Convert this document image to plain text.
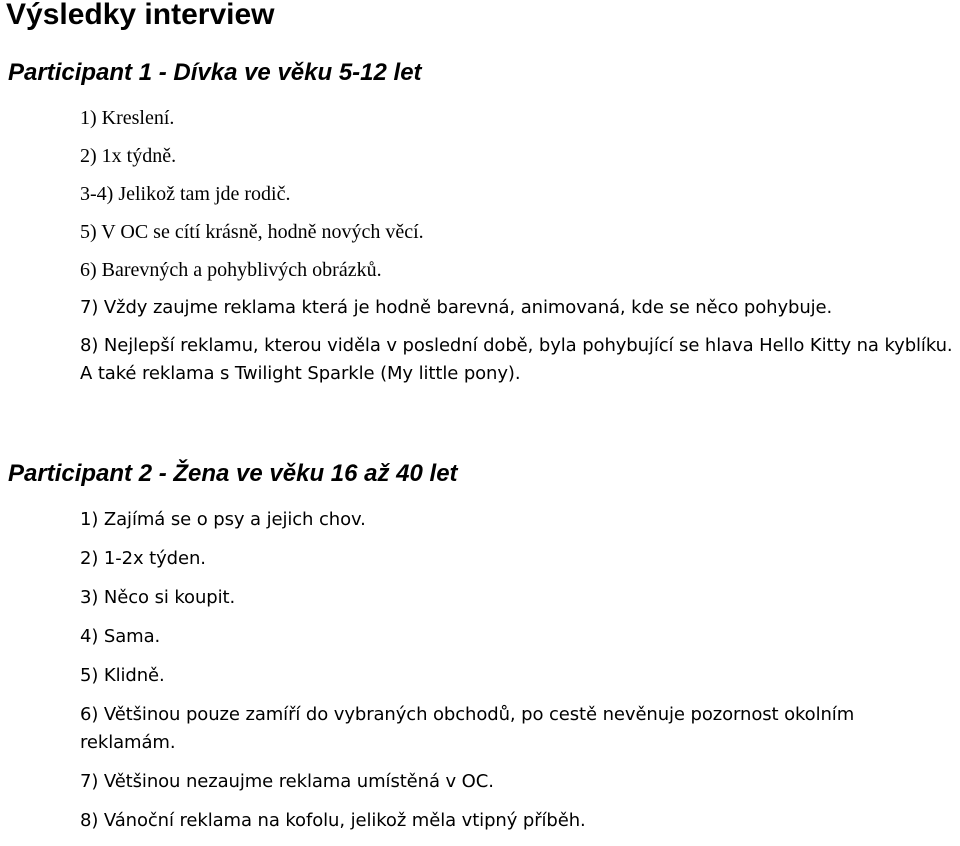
Výsledky interview
Participant 1 - Dívka ve věku 5-12 let
1) Kreslení.
2) 1x týdně.
3-4) Jelikož tam jde rodič.
5) V OC se cítí krásně, hodně nových věcí.
6) Barevných a pohyblivých obrázků.
7) Vždy zaujme reklama která je hodně barevná, animovaná, kde se něco pohybuje.
8) Nejlepší reklamu, kterou viděla v poslední době, byla pohybující se hlava Hello Kitty na kyblíku. A také reklama s Twilight Sparkle (My little pony).
Participant 2 - Žena ve věku 16 až 40 let
1) Zajímá se o psy a jejich chov.
2) 1-2x týden.
3) Něco si koupit.
4) Sama.
5) Klidně.
6) Většinou pouze zamíří do vybraných obchodů, po cestě nevěnuje pozornost okolním reklamám.
7) Většinou nezaujme reklama umístěná v OC.
8) Vánoční reklama na kofolu, jelikož měla vtipný příběh.
